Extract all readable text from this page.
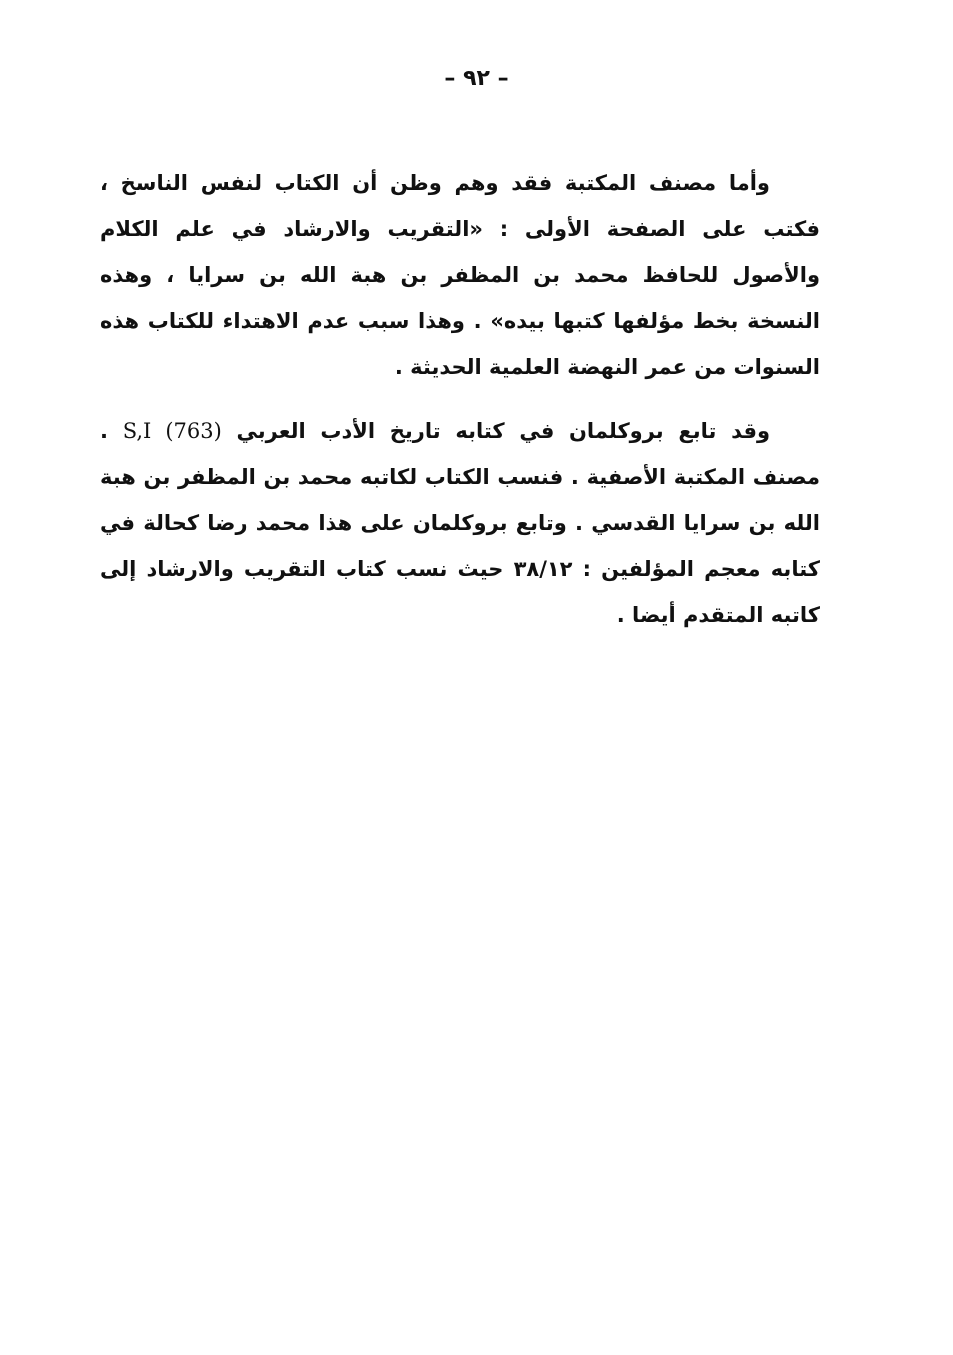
– ٩٢ –

وأما مصنف المكتبة فقد وهم وظن أن الكتاب لنفس الناسخ ، فكتب على الصفحة الأولى : «التقريب والارشاد في علم الكلام والأصول للحافظ محمد بن المظفر بن هبة الله بن سرايا ، وهذه النسخة بخط مؤلفها كتبها بيده» . وهذا سبب عدم الاهتداء للكتاب هذه السنوات من عمر النهضة العلمية الحديثة .

وقد تابع بروكلمان في كتابه تاريخ الأدب العربي S,I (763) . مصنف المكتبة الأصفية . فنسب الكتاب لكاتبه محمد بن المظفر بن هبة الله بن سرايا القدسي . وتابع بروكلمان على هذا محمد رضا كحالة في كتابه معجم المؤلفين : ٣٨/١٢ حيث نسب كتاب التقريب والارشاد إلى كاتبه المتقدم أيضا .
